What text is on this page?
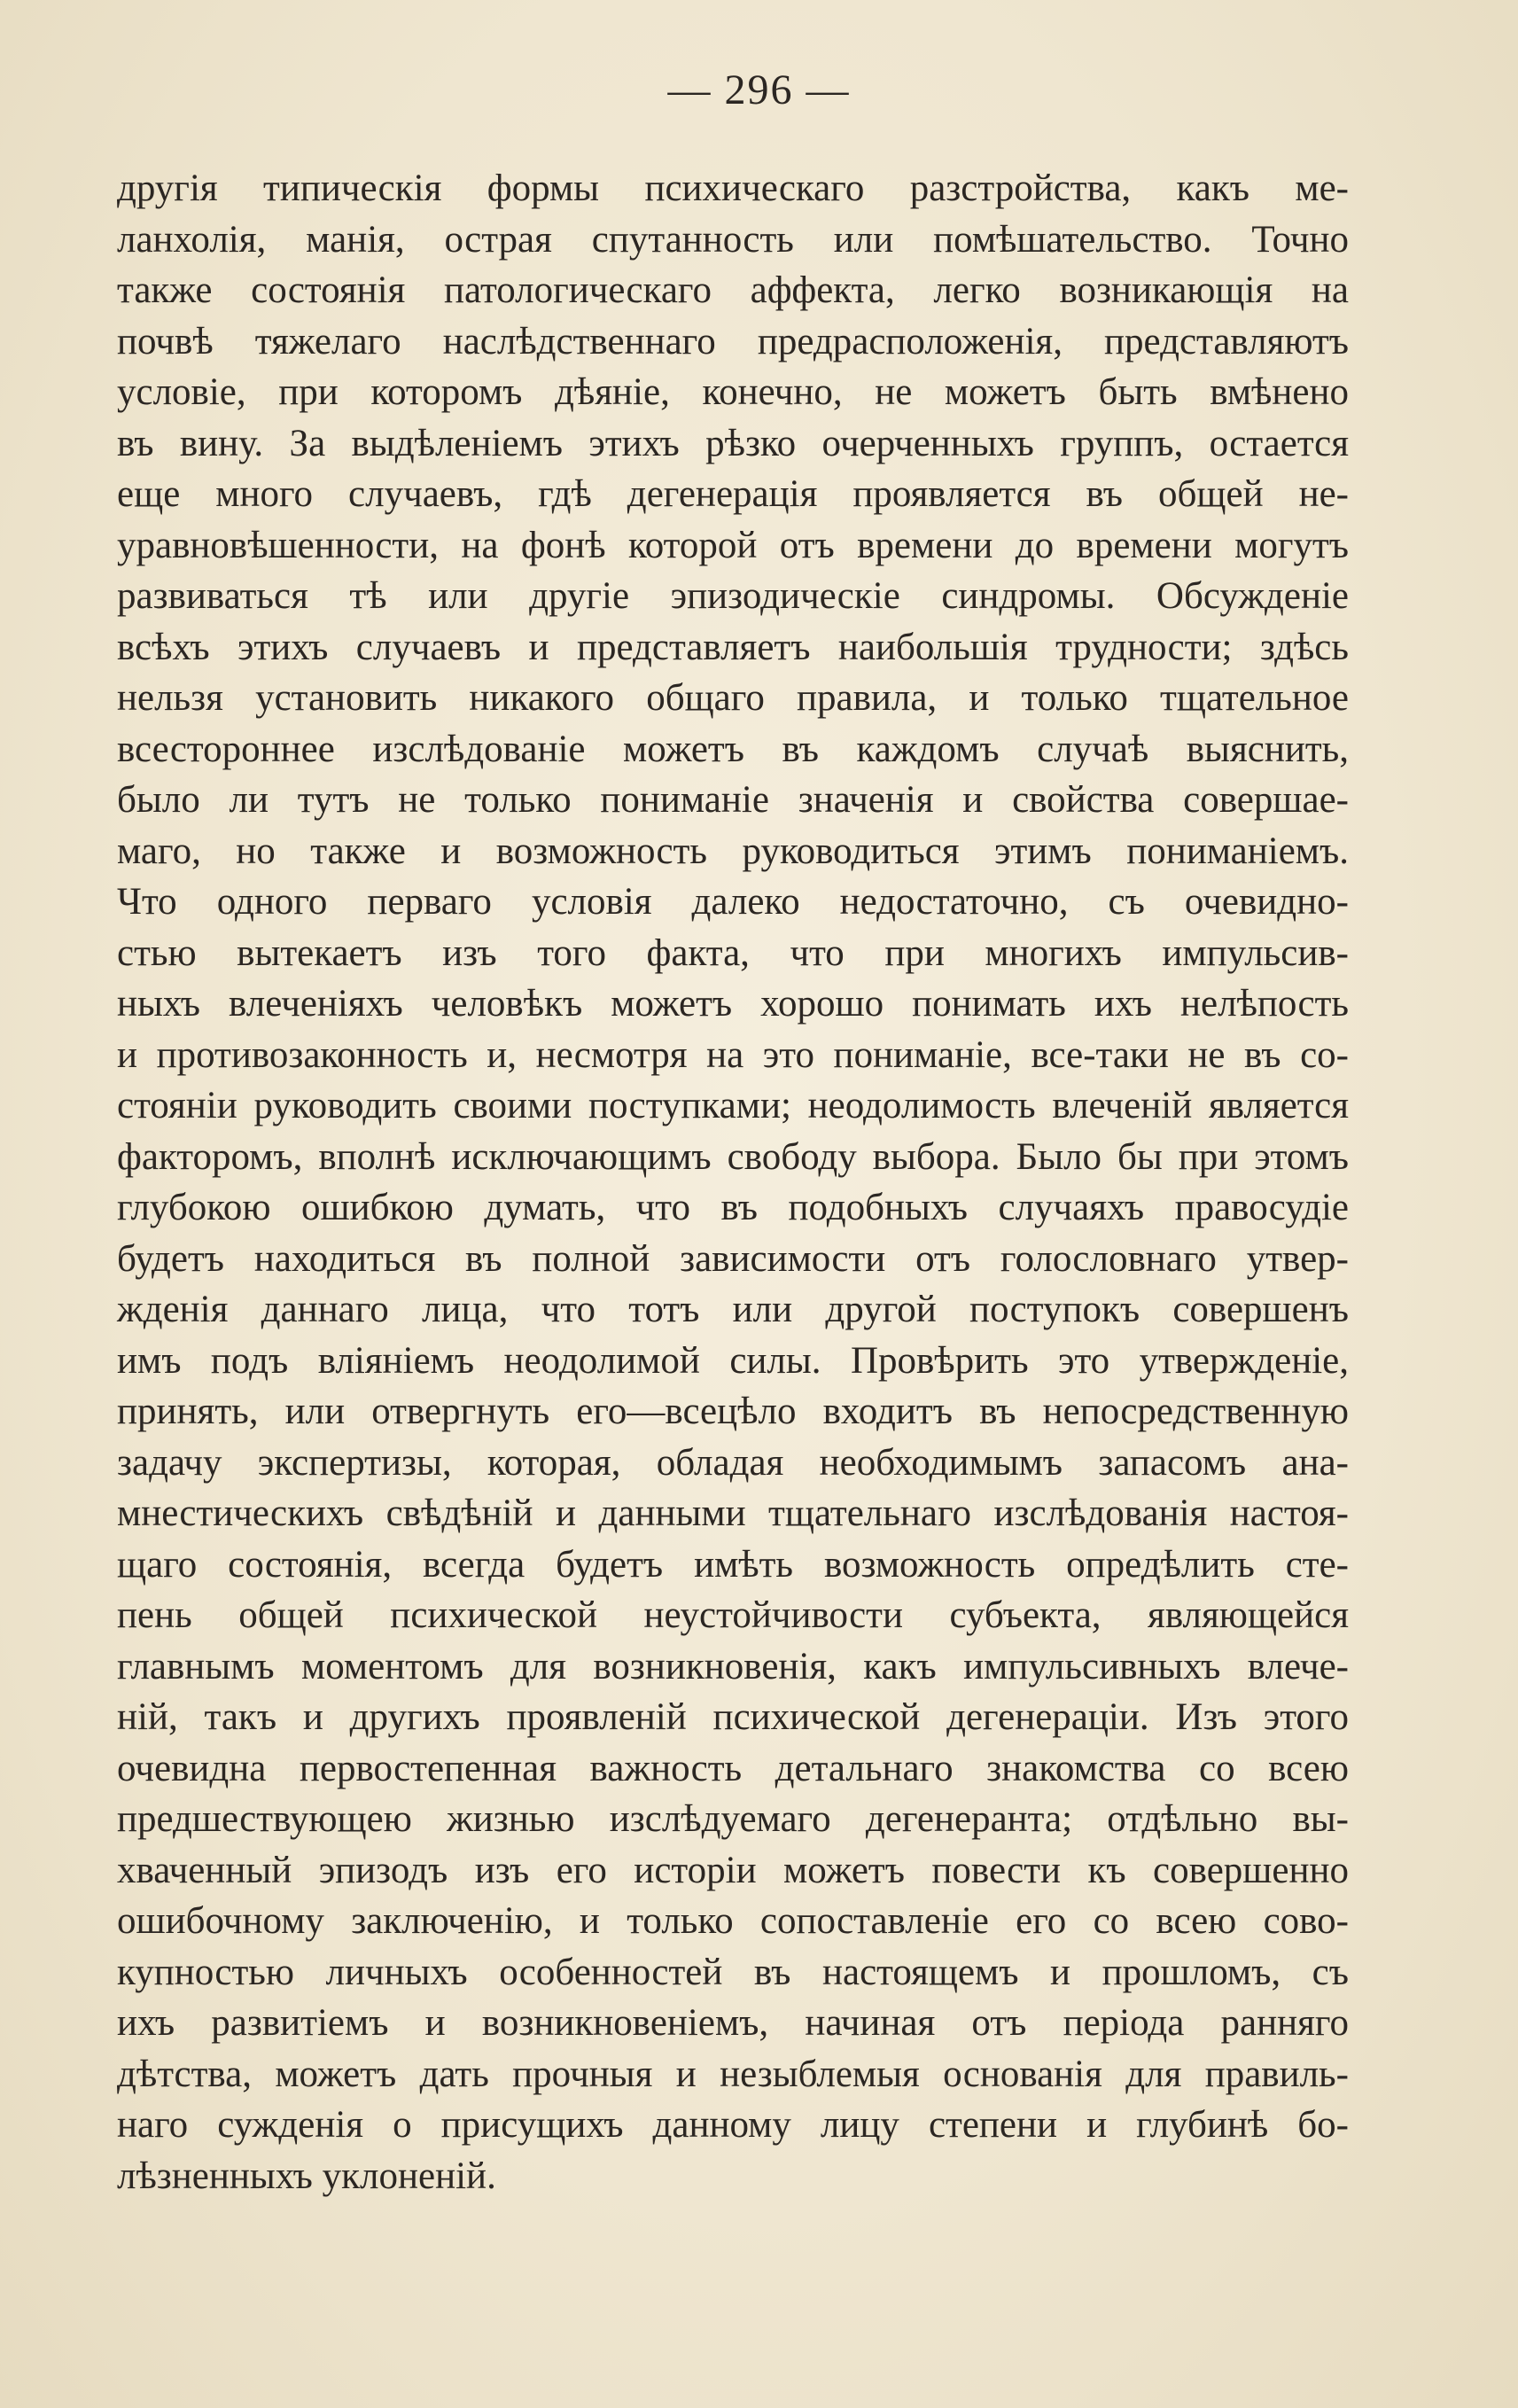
— 296 —
другія типическія формы психическаго разстройства, какъ ме-
ланхолія, манія, острая спутанность или помѣшательство. Точно
также состоянія патологическаго аффекта, легко возникающія на
почвѣ тяжелаго наслѣдственнаго предрасположенія, представляютъ
условіе, при которомъ дѣяніе, конечно, не можетъ быть вмѣнено
въ вину. За выдѣленіемъ этихъ рѣзко очерченныхъ группъ, остается
еще много случаевъ, гдѣ дегенерація проявляется въ общей не-
уравновѣшенности, на фонѣ которой отъ времени до времени могутъ
развиваться тѣ или другіе эпизодическіе синдромы. Обсужденіе
всѣхъ этихъ случаевъ и представляетъ наибольшія трудности; здѣсь
нельзя установить никакого общаго правила, и только тщательное
всестороннее изслѣдованіе можетъ въ каждомъ случаѣ выяснить,
было ли тутъ не только пониманіе значенія и свойства совершае-
маго, но также и возможность руководиться этимъ пониманіемъ.
Что одного перваго условія далеко недостаточно, съ очевидно-
стью вытекаетъ изъ того факта, что при многихъ импульсив-
ныхъ влеченіяхъ человѣкъ можетъ хорошо понимать ихъ нелѣпость
и противозаконность и, несмотря на это пониманіе, все-таки не въ со-
стояніи руководить своими поступками; неодолимость влеченій является
факторомъ, вполнѣ исключающимъ свободу выбора. Было бы при этомъ
глубокою ошибкою думать, что въ подобныхъ случаяхъ правосудіе
будетъ находиться въ полной зависимости отъ голословнаго утвер-
жденія даннаго лица, что тотъ или другой поступокъ совершенъ
имъ подъ вліяніемъ неодолимой силы. Провѣрить это утвержденіе,
принять, или отвергнуть его—всецѣло входитъ въ непосредственную
задачу экспертизы, которая, обладая необходимымъ запасомъ ана-
мнестическихъ свѣдѣній и данными тщательнаго изслѣдованія настоя-
щаго состоянія, всегда будетъ имѣть возможность опредѣлить сте-
пень общей психической неустойчивости субъекта, являющейся
главнымъ моментомъ для возникновенія, какъ импульсивныхъ влече-
ній, такъ и другихъ проявленій психической дегенераціи. Изъ этого
очевидна первостепенная важность детальнаго знакомства со всею
предшествующею жизнью изслѣдуемаго дегенеранта; отдѣльно вы-
хваченный эпизодъ изъ его исторіи можетъ повести къ совершенно
ошибочному заключенію, и только сопоставленіе его со всею сово-
купностью личныхъ особенностей въ настоящемъ и прошломъ, съ
ихъ развитіемъ и возникновеніемъ, начиная отъ періода ранняго
дѣтства, можетъ дать прочныя и незыблемыя основанія для правиль-
наго сужденія о присущихъ данному лицу степени и глубинѣ бо-
лѣзненныхъ уклоненій.
